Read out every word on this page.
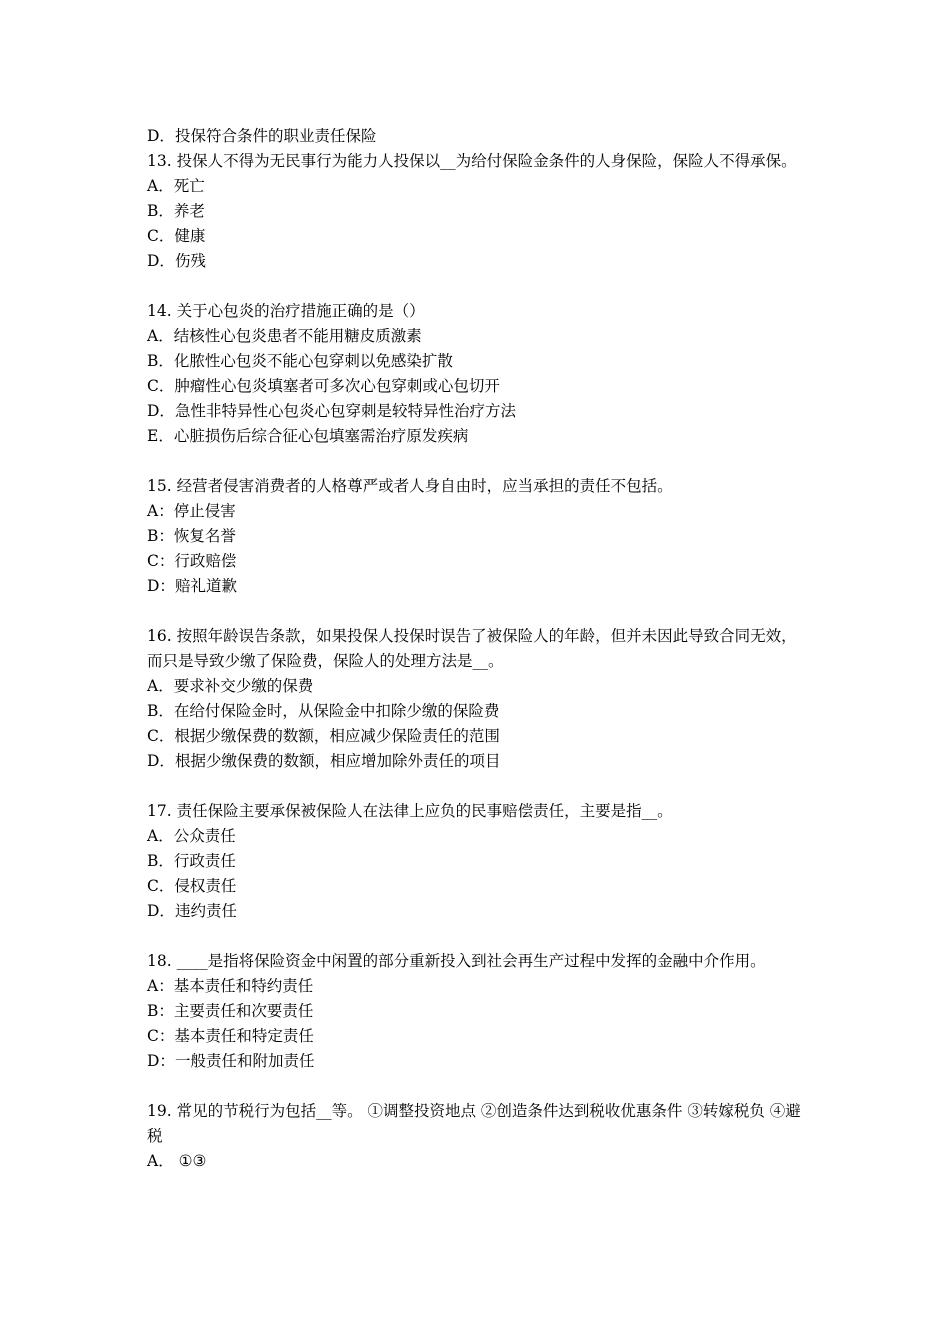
D．投保符合条件的职业责任保险

13. 投保人不得为无民事行为能力人投保以__为给付保险金条件的人身保险，保险人不得承保。

A．死亡
B．养老
C．健康
D．伤残

14. 关于心包炎的治疗措施正确的是（）

A．结核性心包炎患者不能用糖皮质激素
B．化脓性心包炎不能心包穿刺以免感染扩散
C．肿瘤性心包炎填塞者可多次心包穿刺或心包切开
D．急性非特异性心包炎心包穿刺是较特异性治疗方法
E．心脏损伤后综合征心包填塞需治疗原发疾病

15. 经营者侵害消费者的人格尊严或者人身自由时，应当承担的责任不包括。

A：停止侵害
B：恢复名誉
C：行政赔偿
D：赔礼道歉

16. 按照年龄误告条款，如果投保人投保时误告了被保险人的年龄，但并未因此导致合同无效，而只是导致少缴了保险费，保险人的处理方法是__。

A．要求补交少缴的保费
B．在给付保险金时，从保险金中扣除少缴的保险费
C．根据少缴保费的数额，相应减少保险责任的范围
D．根据少缴保费的数额，相应增加除外责任的项目

17. 责任保险主要承保被保险人在法律上应负的民事赔偿责任，主要是指__。

A．公众责任
B．行政责任
C．侵权责任
D．违约责任

18. ____是指将保险资金中闲置的部分重新投入到社会再生产过程中发挥的金融中介作用。

A：基本责任和特约责任
B：主要责任和次要责任
C：基本责任和特定责任
D：一般责任和附加责任

19. 常见的节税行为包括__等。 ①调整投资地点 ②创造条件达到税收优惠条件 ③转嫁税负 ④避税

A． ①③
